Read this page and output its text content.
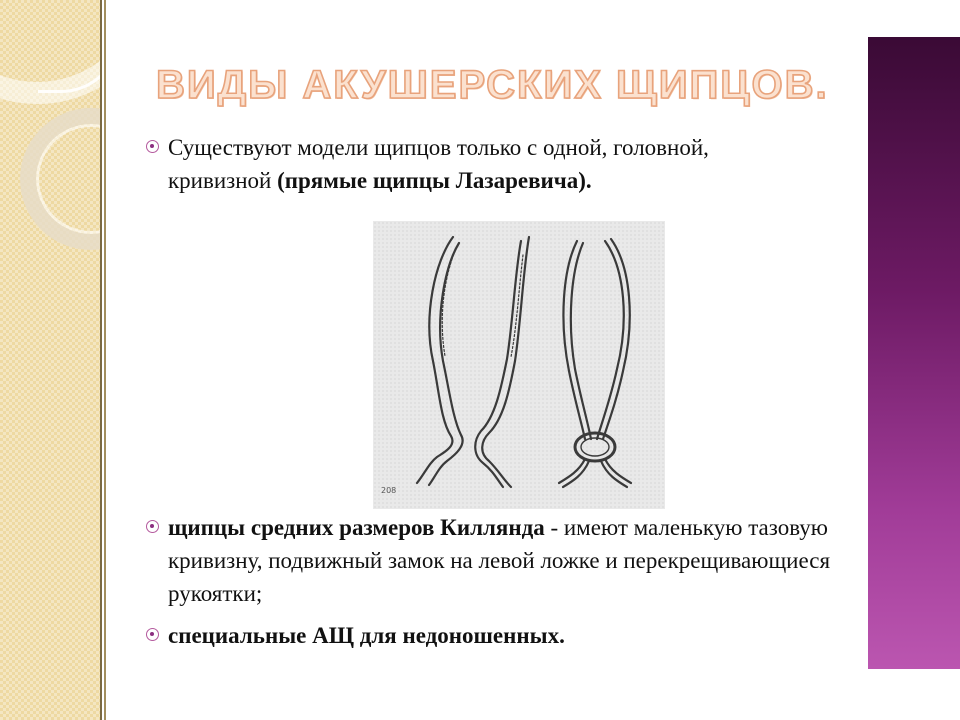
ВИДЫ АКУШЕРСКИХ ЩИПЦОВ.
Существуют модели щипцов только с одной, головной, кривизной (прямые щипцы Лазаревича).
208
щипцы средних размеров Киллянда - имеют маленькую тазовую кривизну, подвижный замок на левой ложке и перекрещивающиеся рукоятки;
специальные АЩ для недоношенных.
